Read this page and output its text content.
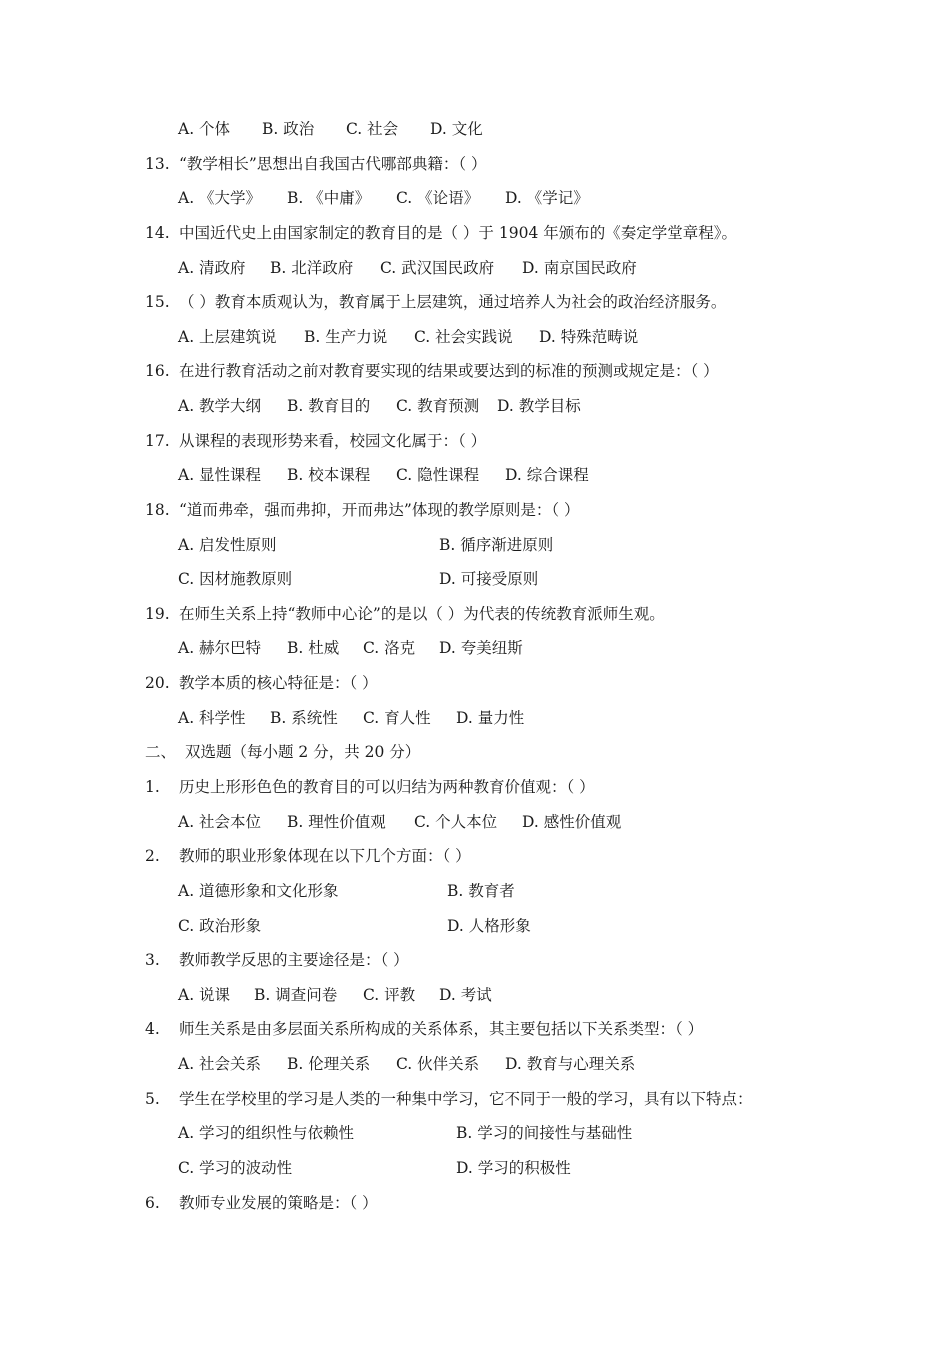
A. 个体 B. 政治 C. 社会 D. 文化
13. “教学相长”思想出自我国古代哪部典籍：（ ）
A. 《大学》 B. 《中庸》 C. 《论语》 D. 《学记》
14. 中国近代史上由国家制定的教育目的是（ ）于 1904 年颁布的《奏定学堂章程》。
A. 清政府 B. 北洋政府 C. 武汉国民政府 D. 南京国民政府
15. （ ）教育本质观认为，教育属于上层建筑，通过培养人为社会的政治经济服务。
A. 上层建筑说 B. 生产力说 C. 社会实践说 D. 特殊范畴说
16. 在进行教育活动之前对教育要实现的结果或要达到的标准的预测或规定是：（ ）
A. 教学大纲 B. 教育目的 C. 教育预测 D. 教学目标
17. 从课程的表现形势来看，校园文化属于：（ ）
A. 显性课程 B. 校本课程 C. 隐性课程 D. 综合课程
18. “道而弗牵，强而弗抑，开而弗达”体现的教学原则是：（ ）
A. 启发性原则	B. 循序渐进原则
C. 因材施教原则	D. 可接受原则
19. 在师生关系上持“教师中心论”的是以（ ）为代表的传统教育派师生观。
A. 赫尔巴特 B. 杜威 C. 洛克 D. 夸美纽斯
20. 教学本质的核心特征是：（ ）
A. 科学性 B. 系统性 C. 育人性 D. 量力性
二、 双选题（每小题 2 分，共 20 分）
1. 历史上形形色色的教育目的可以归结为两种教育价值观：（ ）
A. 社会本位 B. 理性价值观 C. 个人本位 D. 感性价值观
2. 教师的职业形象体现在以下几个方面：（ ）
A. 道德形象和文化形象	B. 教育者
C. 政治形象	D. 人格形象
3. 教师教学反思的主要途径是：（ ）
A. 说课 B. 调查问卷 C. 评教 D. 考试
4. 师生关系是由多层面关系所构成的关系体系，其主要包括以下关系类型：（ ）
A. 社会关系 B. 伦理关系 C. 伙伴关系 D. 教育与心理关系
5. 学生在学校里的学习是人类的一种集中学习，它不同于一般的学习，具有以下特点：
A. 学习的组织性与依赖性	B. 学习的间接性与基础性
C. 学习的波动性	D. 学习的积极性
6. 教师专业发展的策略是：（ ）
